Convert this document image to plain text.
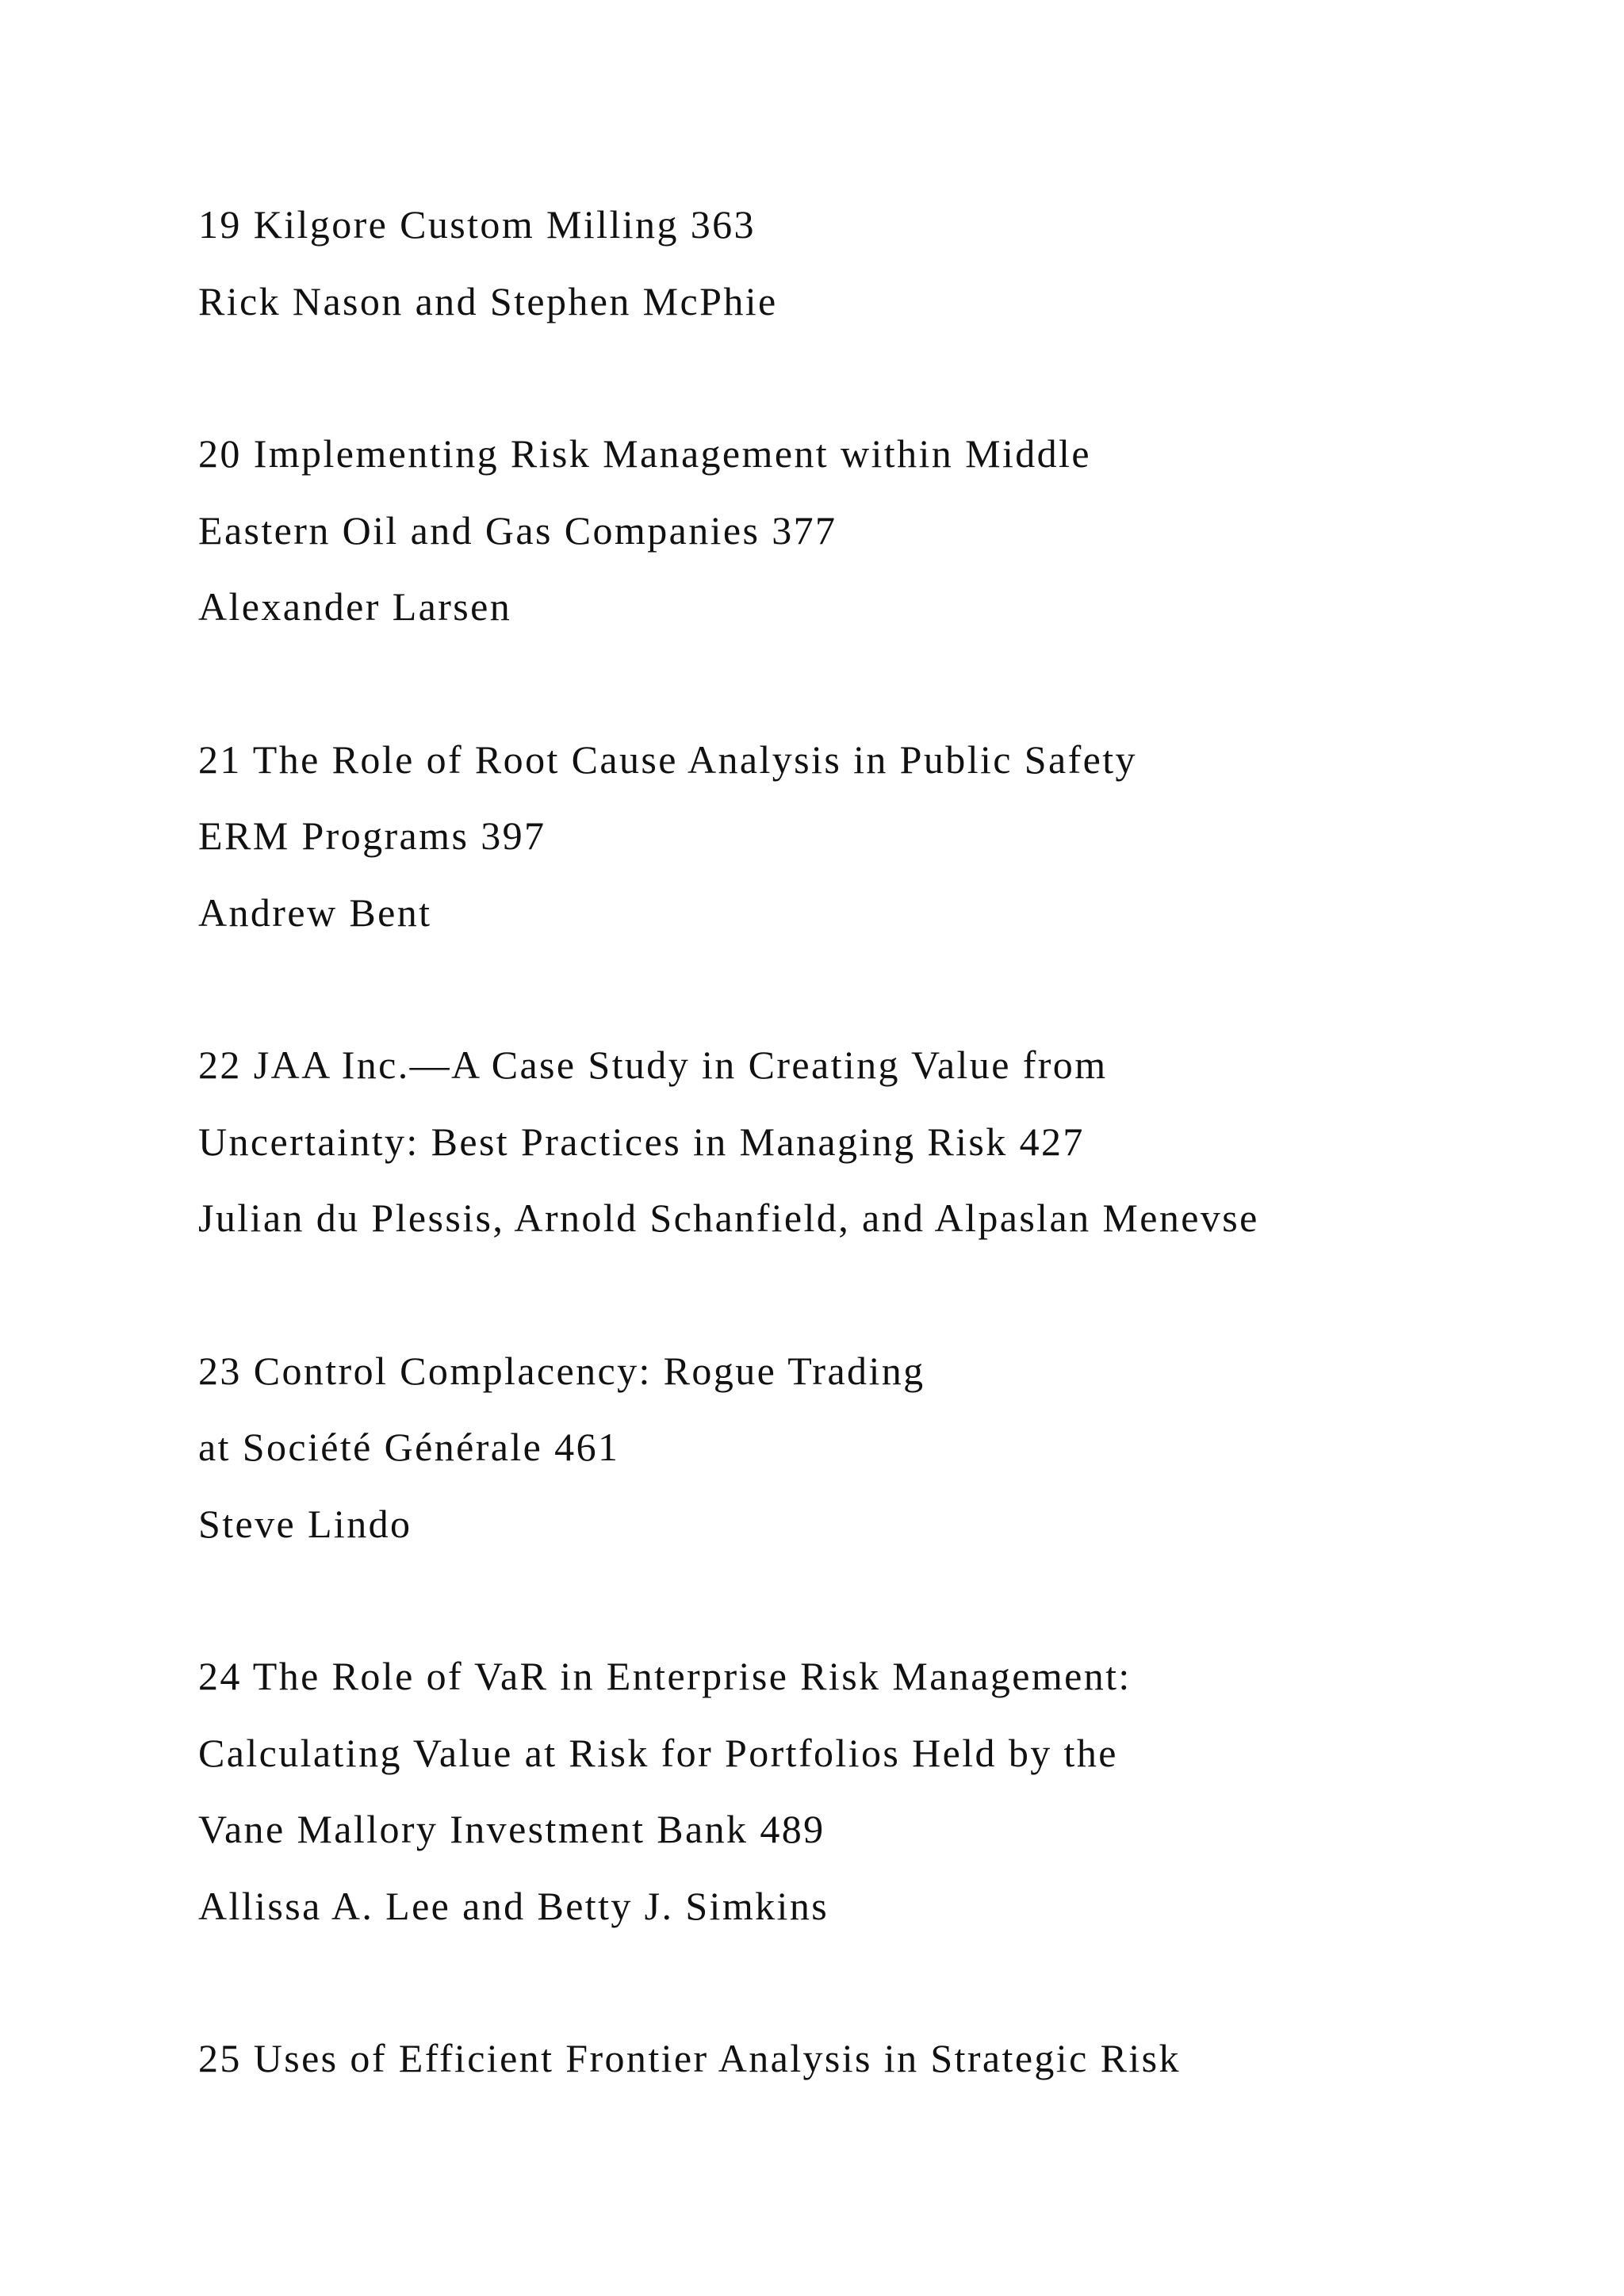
19 Kilgore Custom Milling 363
Rick Nason and Stephen McPhie
20 Implementing Risk Management within Middle
Eastern Oil and Gas Companies 377
Alexander Larsen
21 The Role of Root Cause Analysis in Public Safety
ERM Programs 397
Andrew Bent
22 JAA Inc.—A Case Study in Creating Value from
Uncertainty: Best Practices in Managing Risk 427
Julian du Plessis, Arnold Schanfield, and Alpaslan Menevse
23 Control Complacency: Rogue Trading
at Société Générale 461
Steve Lindo
24 The Role of VaR in Enterprise Risk Management:
Calculating Value at Risk for Portfolios Held by the
Vane Mallory Investment Bank 489
Allissa A. Lee and Betty J. Simkins
25 Uses of Efficient Frontier Analysis in Strategic Risk
